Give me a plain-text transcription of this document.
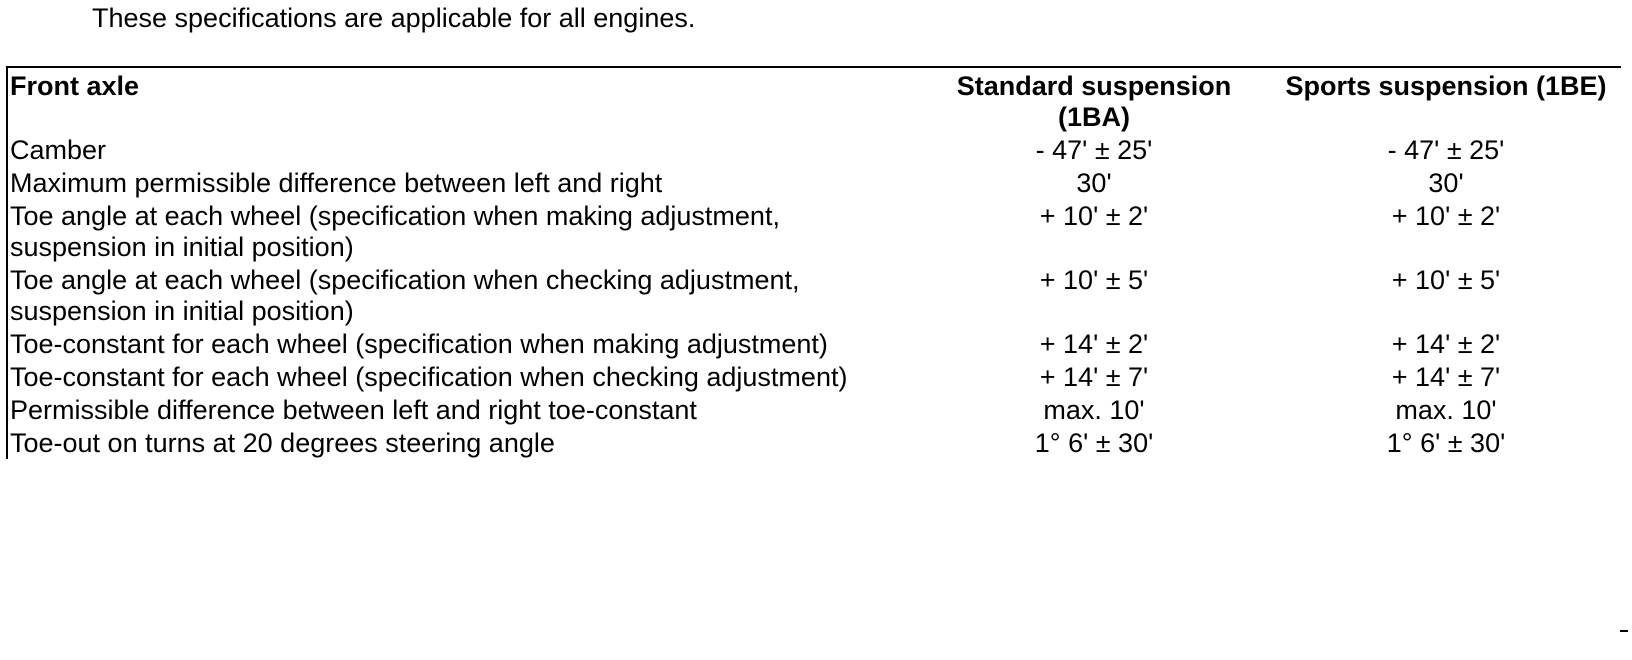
These specifications are applicable for all engines.
Front axle	Standard suspension (1BA)	Sports suspension (1BE)
Camber	- 47' ± 25'	- 47' ± 25'
Maximum permissible difference between left and right	30'	30'
Toe angle at each wheel (specification when making adjustment, suspension in initial position)	+ 10' ± 2'	+ 10' ± 2'
Toe angle at each wheel (specification when checking adjustment, suspension in initial position)	+ 10' ± 5'	+ 10' ± 5'
Toe-constant for each wheel (specification when making adjustment)	+ 14' ± 2'	+ 14' ± 2'
Toe-constant for each wheel (specification when checking adjustment)	+ 14' ± 7'	+ 14' ± 7'
Permissible difference between left and right toe-constant	max. 10'	max. 10'
Toe-out on turns at 20 degrees steering angle	1° 6' ± 30'	1° 6' ± 30'
